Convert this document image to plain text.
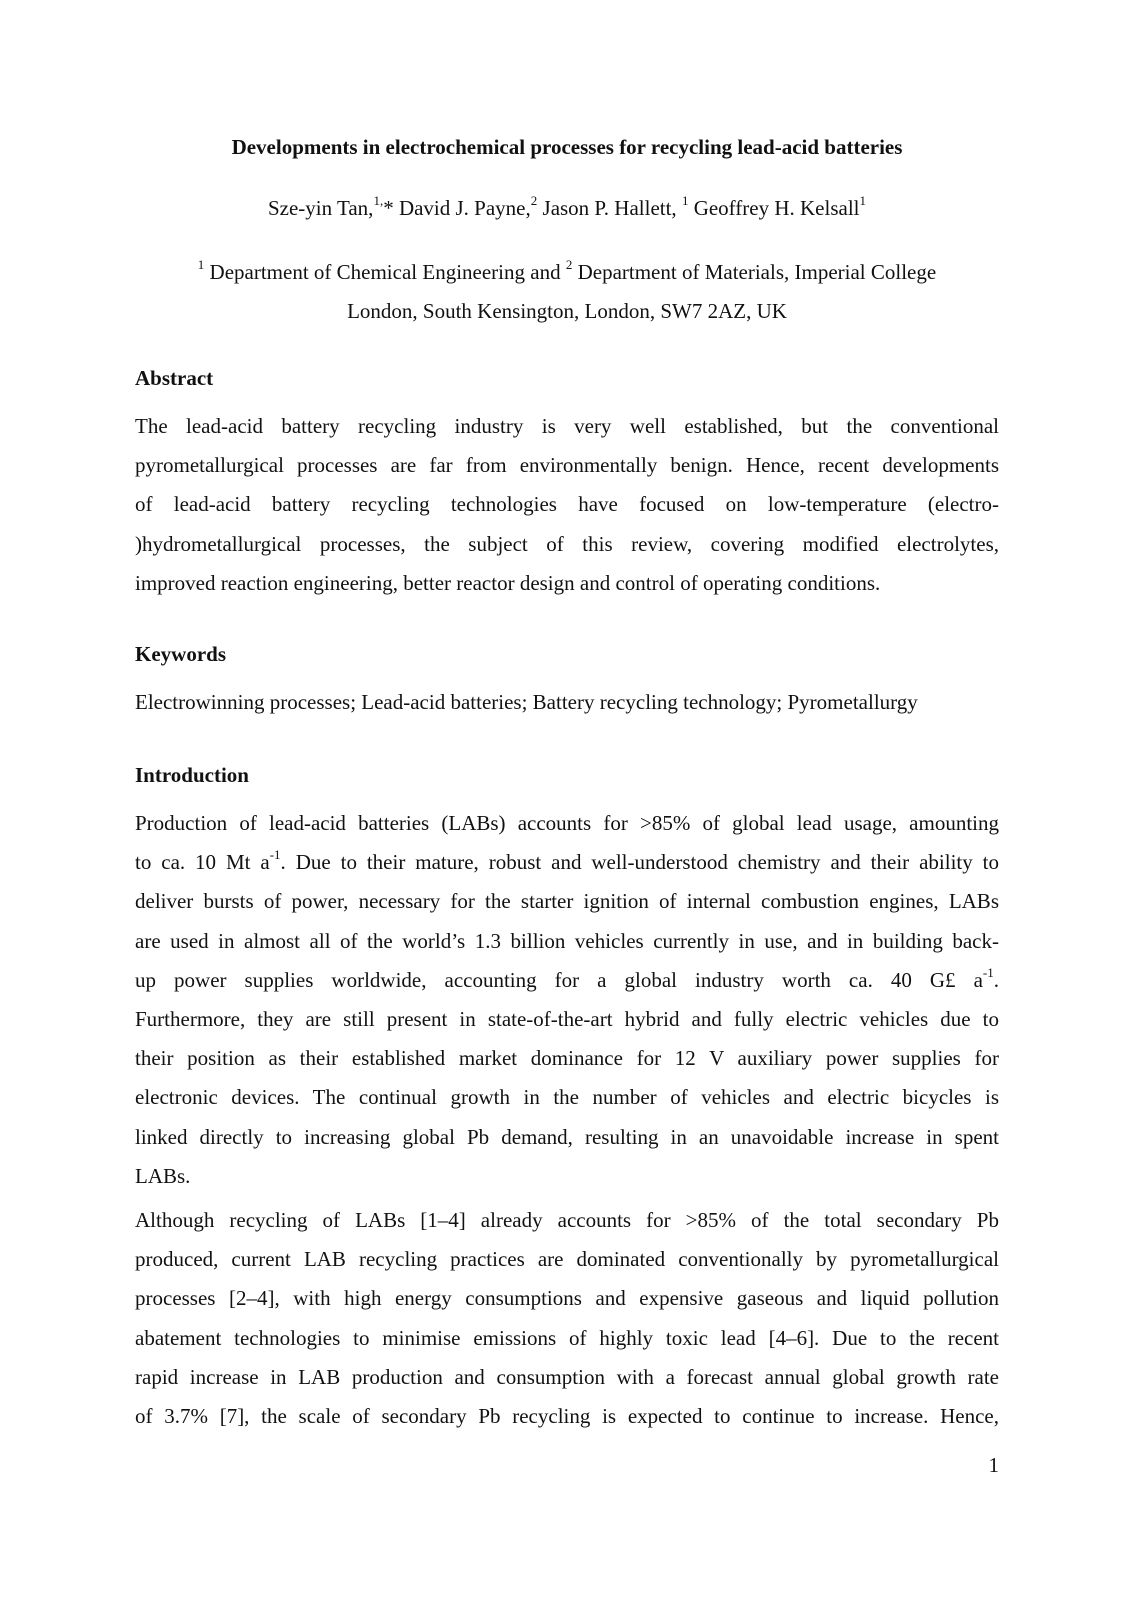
Developments in electrochemical processes for recycling lead-acid batteries
Sze-yin Tan,$^{1,}$* David J. Payne,$^2$ Jason P. Hallett, $^1$ Geoffrey H. Kelsall$^1$
$^1$ Department of Chemical Engineering and $^2$ Department of Materials, Imperial College
London, South Kensington, London, SW7 2AZ, UK
Abstract
The lead-acid battery recycling industry is very well established, but the conventional
pyrometallurgical processes are far from environmentally benign. Hence, recent developments
of lead-acid battery recycling technologies have focused on low-temperature (electro-
)hydrometallurgical processes, the subject of this review, covering modified electrolytes,
improved reaction engineering, better reactor design and control of operating conditions.
Keywords
Electrowinning processes; Lead-acid batteries; Battery recycling technology; Pyrometallurgy
Introduction
Production of lead-acid batteries (LABs) accounts for >85% of global lead usage, amounting
to ca. 10 Mt $a^{-1}$. Due to their mature, robust and well-understood chemistry and their ability to
deliver bursts of power, necessary for the starter ignition of internal combustion engines, LABs
are used in almost all of the world’s 1.3 billion vehicles currently in use, and in building back-
up power supplies worldwide, accounting for a global industry worth ca. 40 G£ $a^{-1}$.
Furthermore, they are still present in state-of-the-art hybrid and fully electric vehicles due to
their position as their established market dominance for 12 V auxiliary power supplies for
electronic devices. The continual growth in the number of vehicles and electric bicycles is
linked directly to increasing global Pb demand, resulting in an unavoidable increase in spent
LABs.
Although recycling of LABs [1–4] already accounts for >85% of the total secondary Pb
produced, current LAB recycling practices are dominated conventionally by pyrometallurgical
processes [2–4], with high energy consumptions and expensive gaseous and liquid pollution
abatement technologies to minimise emissions of highly toxic lead [4–6]. Due to the recent
rapid increase in LAB production and consumption with a forecast annual global growth rate
of 3.7% [7], the scale of secondary Pb recycling is expected to continue to increase. Hence,
1
